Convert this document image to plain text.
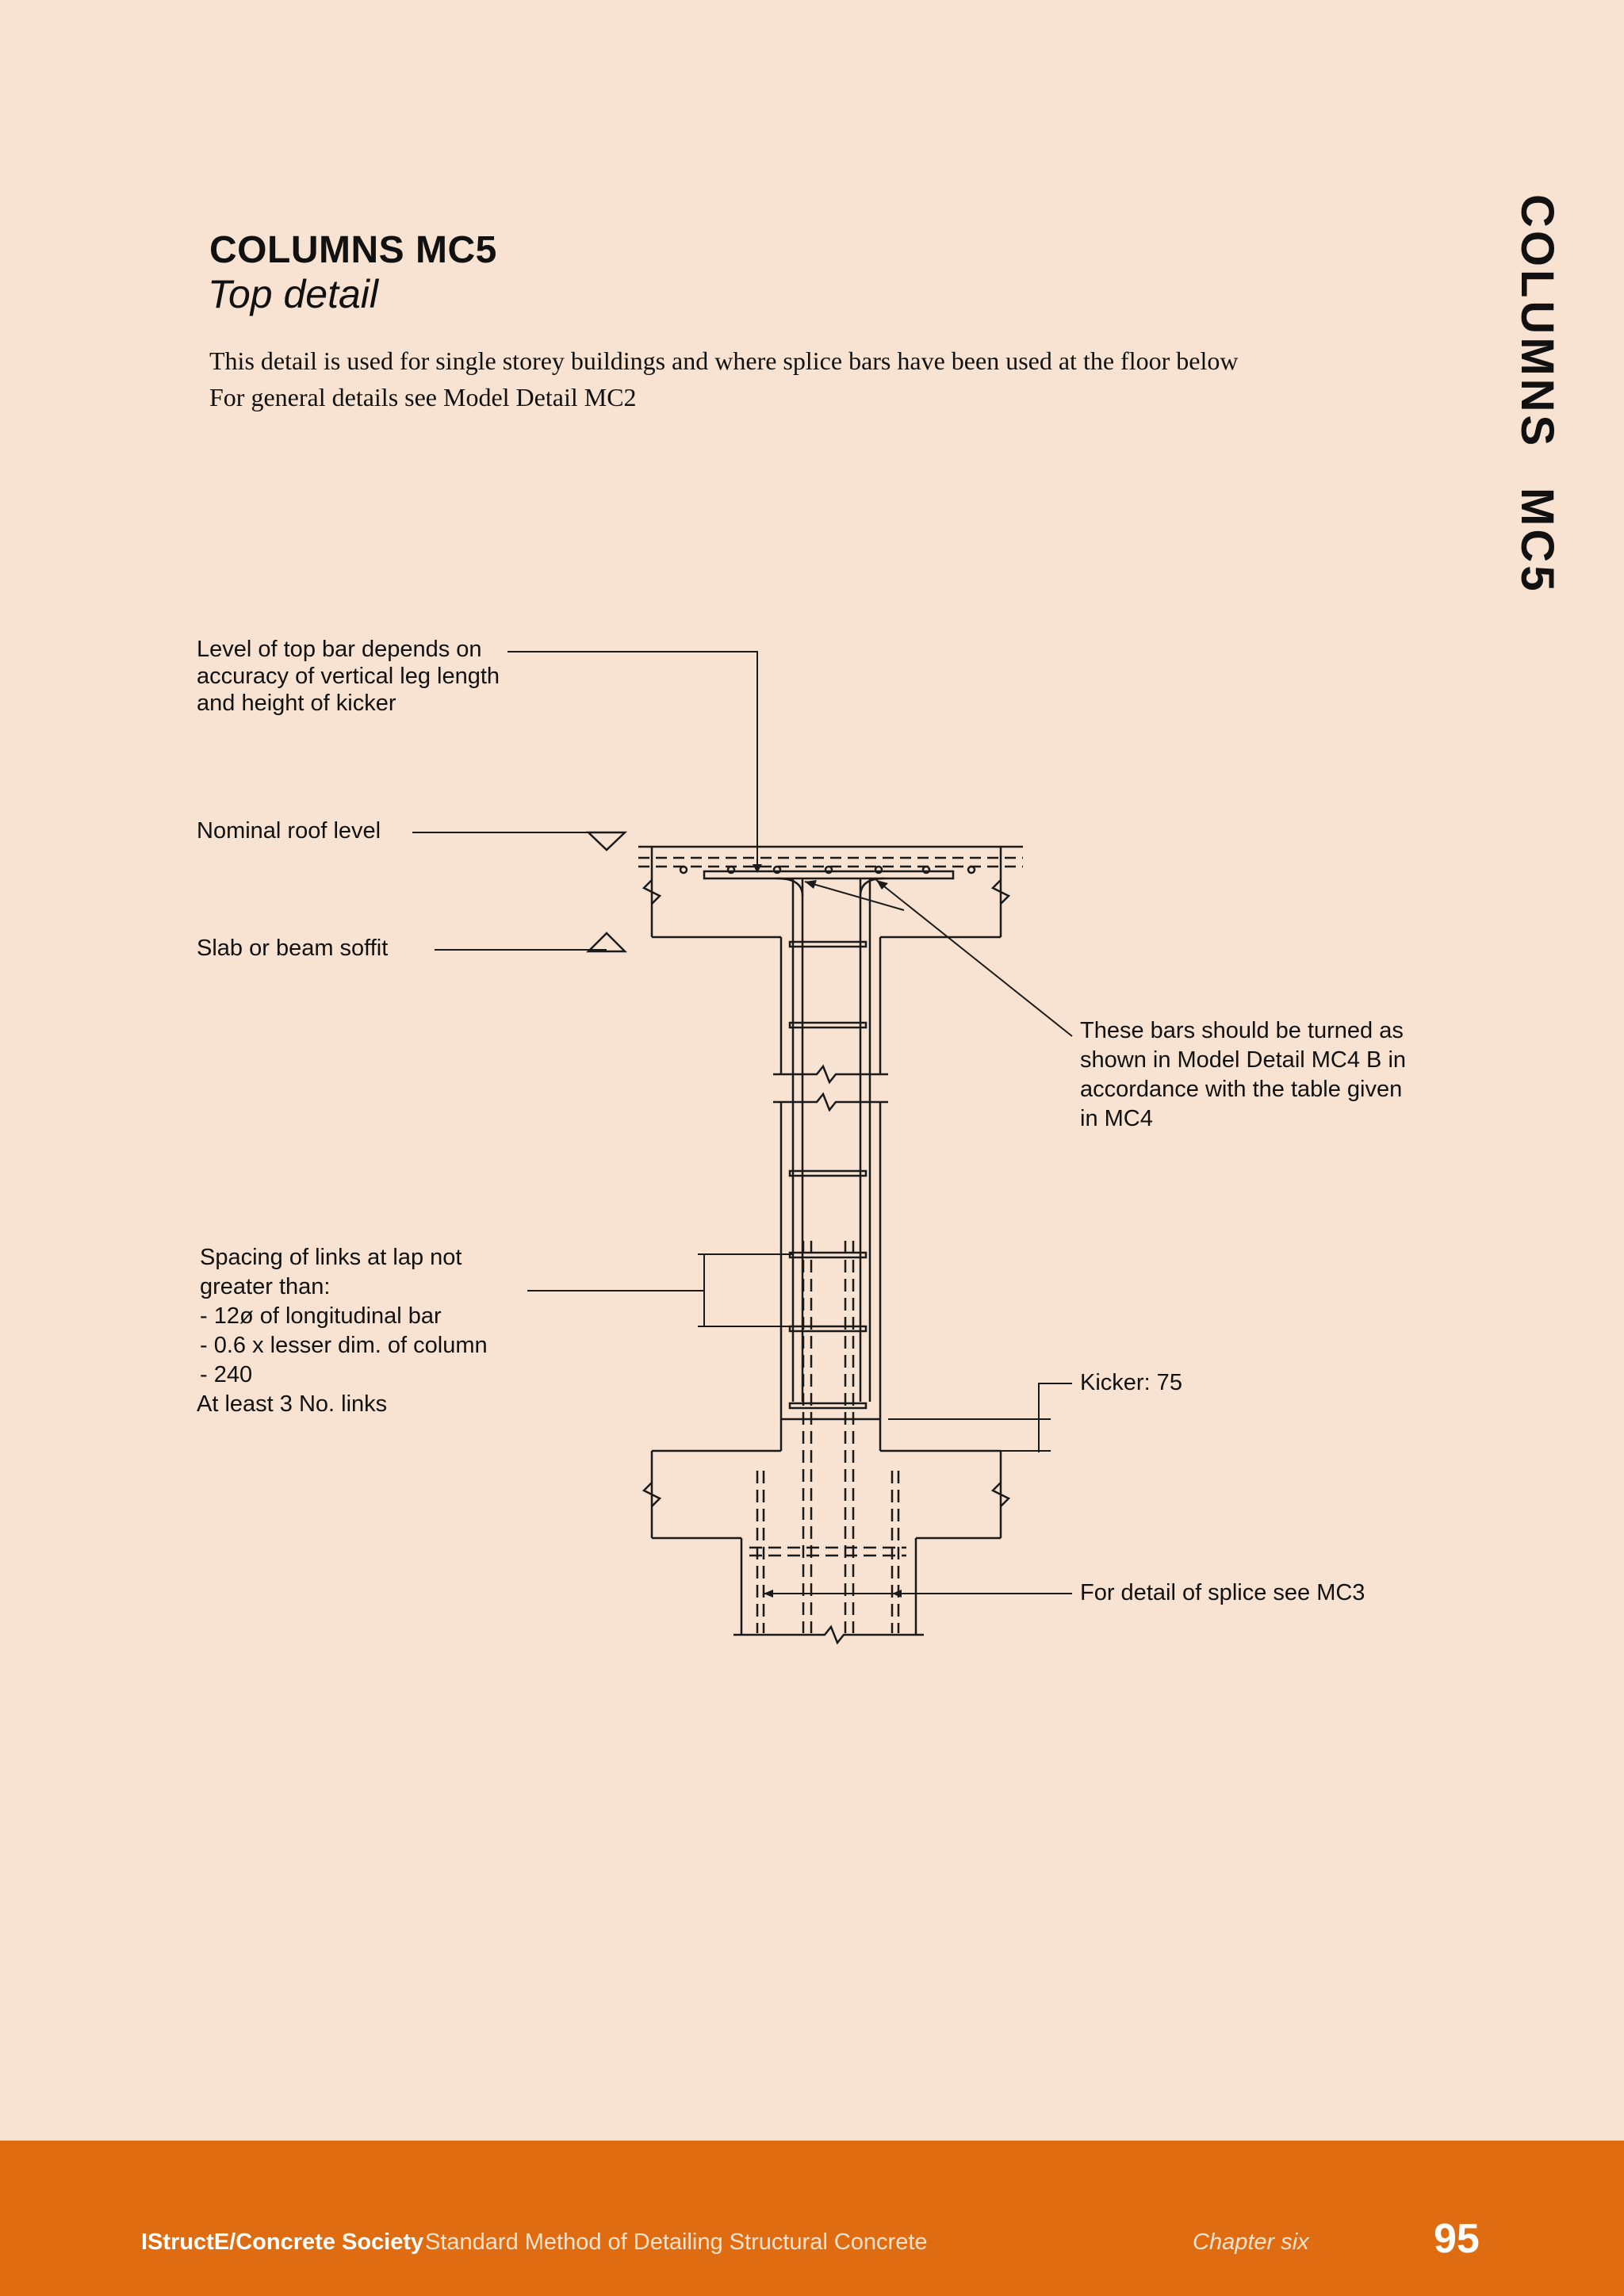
COLUMNS MC5
Top detail
This detail is used for single storey buildings and where splice bars have been used at the floor below
For general details see Model Detail MC2	COLUMNS
MC5
Level of top bar depends on
accuracy of vertical leg length
and height of kicker
Nominal roof level
Slab or beam soffit
These bars should be turned as
shown in Model Detail MC4 B in
accordance with the table given
in MC4
Spacing of links at lap not
greater than:
- 12ø of longitudinal bar
- 0.6 x lesser dim. of column
- 240
At least 3 No. links
Kicker: 75
For detail of splice see MC3
IStructE/Concrete Society Standard Method of Detailing Structural Concrete	Chapter six	95
